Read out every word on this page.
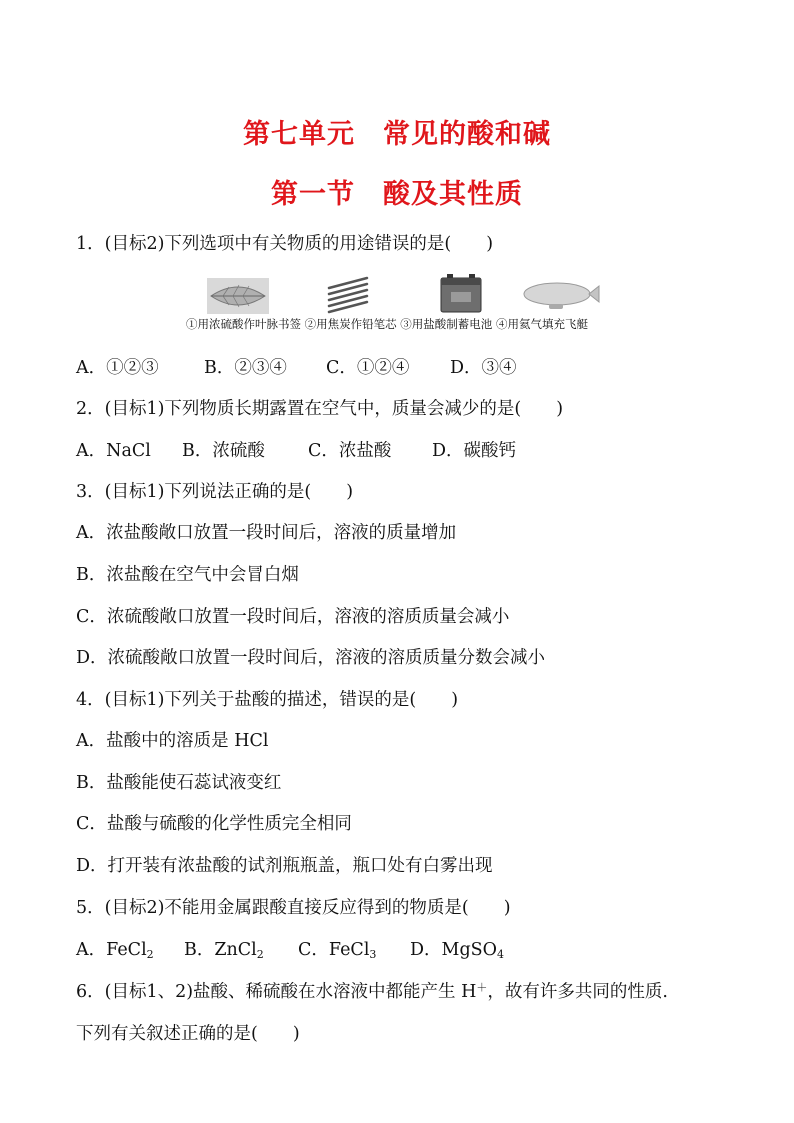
第七单元　常见的酸和碱
第一节　酸及其性质
1．(目标2)下列选项中有关物质的用途错误的是(　　)
①用浓硫酸作叶脉书签 ②用焦炭作铅笔芯 ③用盐酸制蓄电池 ④用氦气填充飞艇
A．①②③	B．②③④ C．①②④ D．③④
2．(目标1)下列物质长期露置在空气中，质量会减少的是(　　)
A．NaCl B．浓硫酸 C．浓盐酸 D．碳酸钙
3．(目标1)下列说法正确的是(　　)
A．浓盐酸敞口放置一段时间后，溶液的质量增加
B．浓盐酸在空气中会冒白烟
C．浓硫酸敞口放置一段时间后，溶液的溶质质量会减小
D．浓硫酸敞口放置一段时间后，溶液的溶质质量分数会减小
4．(目标1)下列关于盐酸的描述，错误的是(　　)
A．盐酸中的溶质是 HCl
B．盐酸能使石蕊试液变红
C．盐酸与硫酸的化学性质完全相同
D．打开装有浓盐酸的试剂瓶瓶盖，瓶口处有白雾出现
5．(目标2)不能用金属跟酸直接反应得到的物质是(　　)
A．FeCl$_2$ B．ZnCl$_2$ C．FeCl$_3$ D．MgSO$_4$
6．(目标1、2)盐酸、稀硫酸在水溶液中都能产生 H＋，故有许多共同的性质.
下列有关叙述正确的是(　　)
